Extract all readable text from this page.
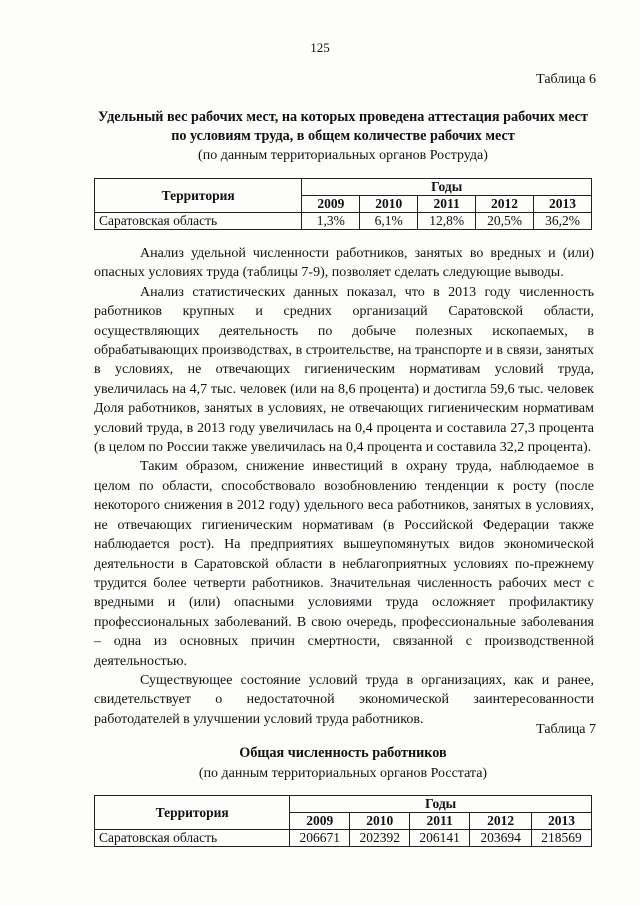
125
Таблица 6
Удельный вес рабочих мест, на которых проведена аттестация рабочих мест по условиям труда, в общем количестве рабочих мест
(по данным территориальных органов Роструда)
Территория	Годы				
	2009	2010	2011	2012	2013
Саратовская область	1,3%	6,1%	12,8%	20,5%	36,2%

Анализ удельной численности работников, занятых во вредных и (или) опасных условиях труда (таблицы 7-9), позволяет сделать следующие выводы.

Анализ статистических данных показал, что в 2013 году численность работников крупных и средних организаций Саратовской области, осуществляющих деятельность по добыче полезных ископаемых, в обрабатывающих производствах, в строительстве, на транспорте и в связи, занятых в условиях, не отвечающих гигиеническим нормативам условий труда, увеличилась на 4,7 тыс. человек (или на 8,6 процента) и достигла 59,6 тыс. человек Доля работников, занятых в условиях, не отвечающих гигиеническим нормативам условий труда, в 2013 году увеличилась на 0,4 процента и составила 27,3 процента (в целом по России также увеличилась на 0,4 процента и составила 32,2 процента).

Таким образом, снижение инвестиций в охрану труда, наблюдаемое в целом по области, способствовало возобновлению тенденции к росту (после некоторого снижения в 2012 году) удельного веса работников, занятых в условиях, не отвечающих гигиеническим нормативам (в Российской Федерации также наблюдается рост). На предприятиях вышеупомянутых видов экономической деятельности в Саратовской области в неблагоприятных условиях по-прежнему трудится более четверти работников. Значительная численность рабочих мест с вредными и (или) опасными условиями труда осложняет профилактику профессиональных заболеваний. В свою очередь, профессиональные заболевания – одна из основных причин смертности, связанной с производственной деятельностью.

Существующее состояние условий труда в организациях, как и ранее, свидетельствует о недостаточной экономической заинтересованности работодателей в улучшении условий труда работников.

Таблица 7
Общая численность работников
(по данным территориальных органов Росстата)
Территория	Годы				
	2009	2010	2011	2012	2013
Саратовская область	206671	202392	206141	203694	218569
